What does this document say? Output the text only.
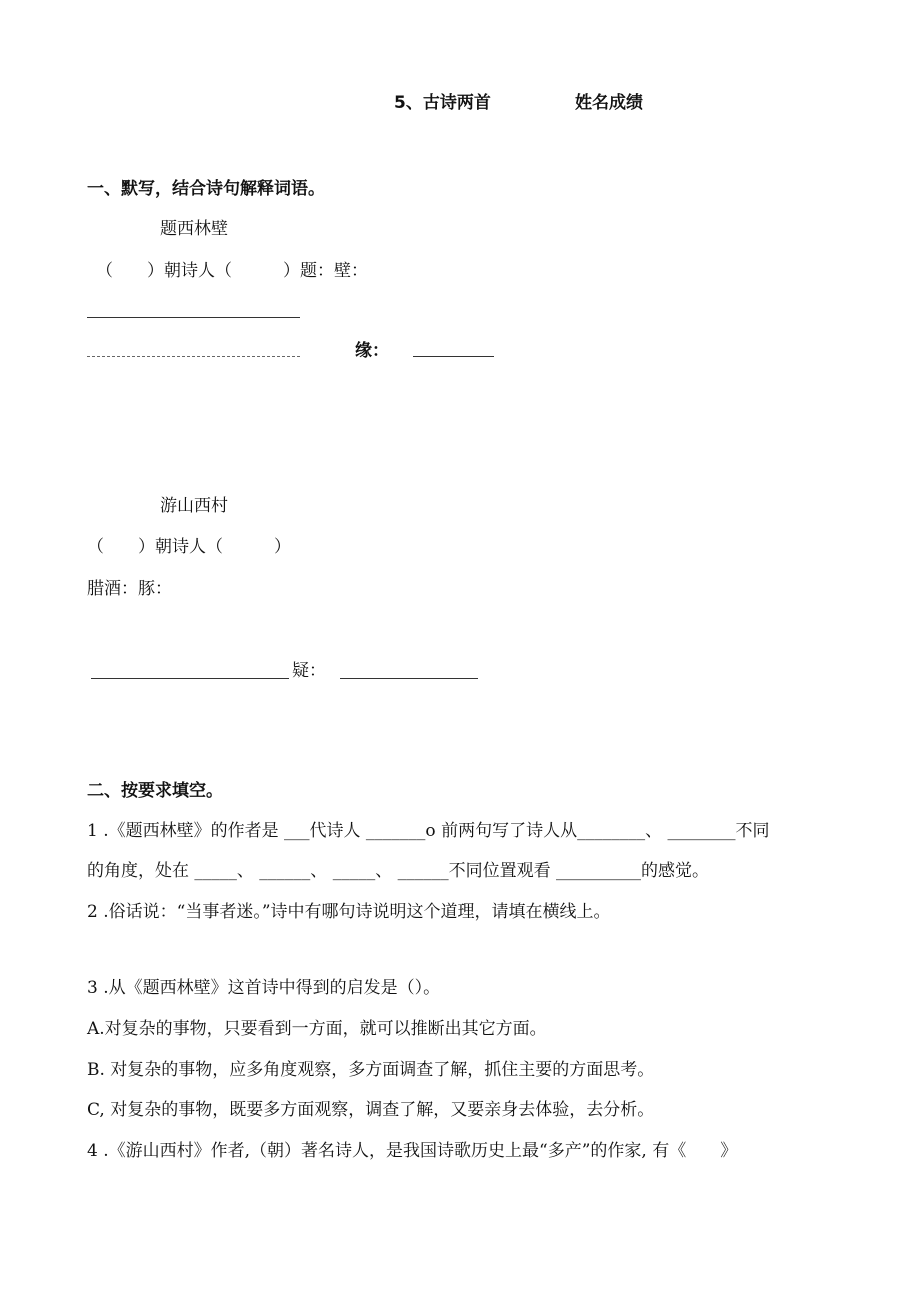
5、古诗两首	姓名成绩
一、默写，结合诗句解释词语。
题西林壁
（　　）朝诗人（　　　）题：壁：
缘：
游山西村
（　　）朝诗人（　　　）
腊酒：豚：
疑：
二、按要求填空。
1 .《题西林壁》的作者是 ___代诗人 _______o 前两句写了诗人从________、 ________不同
的角度，处在 _____、 ______、 _____、 ______不同位置观看 __________的感觉。
2 .俗话说：“当事者迷。”诗中有哪句诗说明这个道理，请填在横线上。
3 .从《题西林壁》这首诗中得到的启发是（）。
A.对复杂的事物，只要看到一方面，就可以推断出其它方面。
B. 对复杂的事物，应多角度观察，多方面调查了解，抓住主要的方面思考。
C, 对复杂的事物，既要多方面观察，调查了解，又要亲身去体验，去分析。
4 .《游山西村》作者,（朝）著名诗人，是我国诗歌历史上最“多产”的作家, 有《　　》
